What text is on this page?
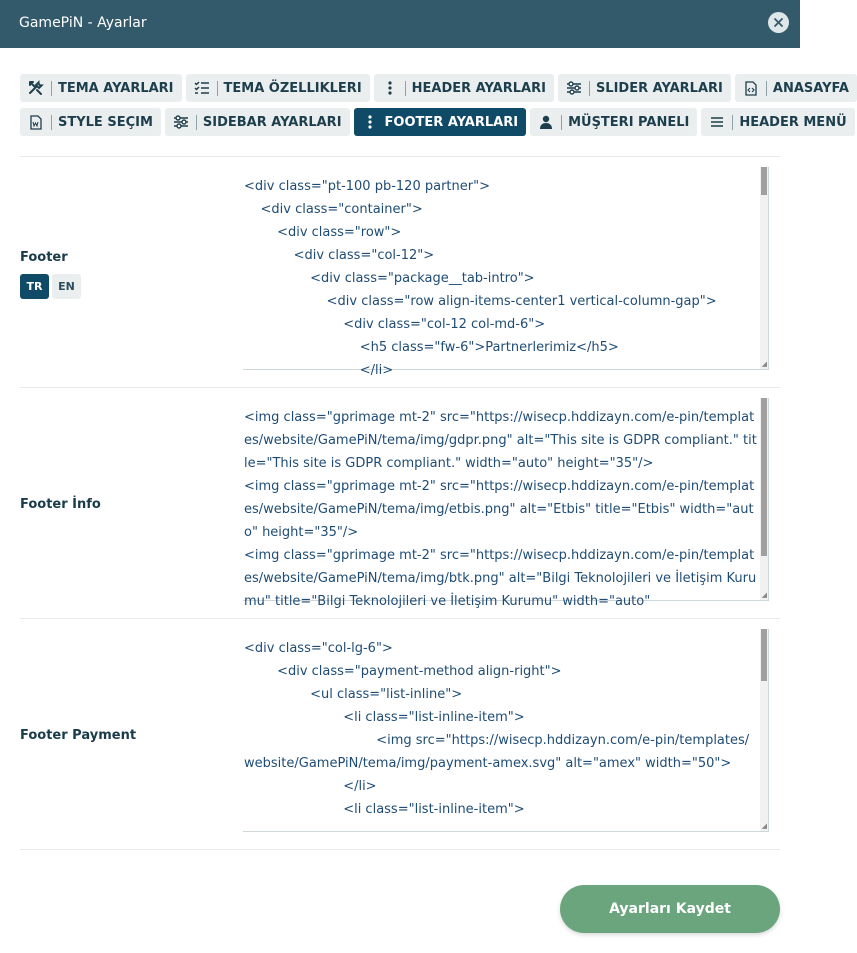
GamePiN - Ayarlar
TEMA AYARLARI	TEMA ÖZELLIKLERI	HEADER AYARLARI	SLIDER AYARLARI	ANASAYFA
STYLE SEÇIM	SIDEBAR AYARLARI	FOOTER AYARLARI	MÜŞTERI PANELI	HEADER MENÜ
Footer
TR	EN
<div class="pt-100 pb-120 partner">
<div class="container">
<div class="row">
<div class="col-12">
<div class="package__tab-intro">
<div class="row align-items-center1 vertical-column-gap">
<div class="col-12 col-md-6">
<h5 class="fw-6">Partnerlerimiz</h5>
</li>	◢
Footer İnfo
<img class="gprimage mt-2" src="https://wisecp.hddizayn.com/e-pin/templates/website/GamePiN/tema/img/gdpr.png" alt="This site is GDPR compliant." title="This site is GDPR compliant." width="auto" height="35"/>
<img class="gprimage mt-2" src="https://wisecp.hddizayn.com/e-pin/templates/website/GamePiN/tema/img/etbis.png" alt="Etbis" title="Etbis" width="auto" height="35"/>
<img class="gprimage mt-2" src="https://wisecp.hddizayn.com/e-pin/templates/website/GamePiN/tema/img/btk.png" alt="Bilgi Teknolojileri ve İletişim Kurumu" title="Bilgi Teknolojileri ve İletişim Kurumu" width="auto"	◢
Footer Payment
<div class="col-lg-6">
<div class="payment-method align-right">
<ul class="list-inline">
<li class="list-inline-item">
<img src="https://wisecp.hddizayn.com/e-pin/templates/website/GamePiN/tema/img/payment-amex.svg" alt="amex" width="50">
</li>
<li class="list-inline-item">
◢
Ayarları Kaydet
